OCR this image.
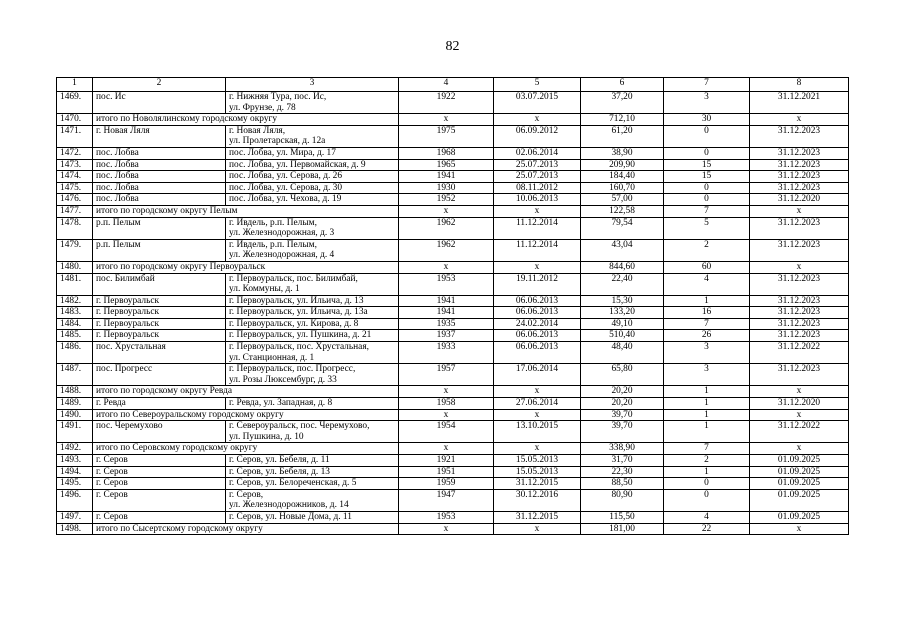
82
1	2	3	4	5	6	7	8
1469.	пос. Ис	г. Нижняя Тура, пос. Ис,
ул. Фрунзе, д. 78	1922	03.07.2015	37,20	3	31.12.2021
1470.	итого по Новолялинскому городскому округу		х	х	712,10	30	х
1471.	г. Новая Ляля	г. Новая Ляля,
ул. Пролетарская, д. 12а	1975	06.09.2012	61,20	0	31.12.2023
1472.	пос. Лобва	пос. Лобва, ул. Мира, д. 17	1968	02.06.2014	38,90	0	31.12.2023
1473.	пос. Лобва	пос. Лобва, ул. Первомайская, д. 9	1965	25.07.2013	209,90	15	31.12.2023
1474.	пос. Лобва	пос. Лобва, ул. Серова, д. 26	1941	25.07.2013	184,40	15	31.12.2023
1475.	пос. Лобва	пос. Лобва, ул. Серова, д. 30	1930	08.11.2012	160,70	0	31.12.2023
1476.	пос. Лобва	пос. Лобва, ул. Чехова, д. 19	1952	10.06.2013	57,00	0	31.12.2020
1477.	итого по городскому округу Пелым		х	х	122,58	7	х
1478.	р.п. Пелым	г. Ивдель, р.п. Пелым,
ул. Железнодорожная, д. 3	1962	11.12.2014	79,54	5	31.12.2023
1479.	р.п. Пелым	г. Ивдель, р.п. Пелым,
ул. Железнодорожная, д. 4	1962	11.12.2014	43,04	2	31.12.2023
1480.	итого по городскому округу Первоуральск		х	х	844,60	60	х
1481.	пос. Билимбай	г. Первоуральск, пос. Билимбай,
ул. Коммуны, д. 1	1953	19.11.2012	22,40	4	31.12.2023
1482.	г. Первоуральск	г. Первоуральск, ул. Ильича, д. 13	1941	06.06.2013	15,30	1	31.12.2023
1483.	г. Первоуральск	г. Первоуральск, ул. Ильича, д. 13а	1941	06.06.2013	133,20	16	31.12.2023
1484.	г. Первоуральск	г. Первоуральск, ул. Кирова, д. 8	1935	24.02.2014	49,10	7	31.12.2023
1485.	г. Первоуральск	г. Первоуральск, ул. Пушкина, д. 21	1937	06.06.2013	510,40	26	31.12.2023
1486.	пос. Хрустальная	г. Первоуральск, пос. Хрустальная,
ул. Станционная, д. 1	1933	06.06.2013	48,40	3	31.12.2022
1487.	пос. Прогресс	г. Первоуральск, пос. Прогресс,
ул. Розы Люксембург, д. 33	1957	17.06.2014	65,80	3	31.12.2023
1488.	итого по городскому округу Ревда		х	х	20,20	1	х
1489.	г. Ревда	г. Ревда, ул. Западная, д. 8	1958	27.06.2014	20,20	1	31.12.2020
1490.	итого по Североуральскому городскому округу		х	х	39,70	1	х
1491.	пос. Черемухово	г. Североуральск, пос. Черемухово,
ул. Пушкина, д. 10	1954	13.10.2015	39,70	1	31.12.2022
1492.	итого по Серовскому городскому округу		х	х	338,90	7	х
1493.	г. Серов	г. Серов, ул. Бебеля, д. 11	1921	15.05.2013	31,70	2	01.09.2025
1494.	г. Серов	г. Серов, ул. Бебеля, д. 13	1951	15.05.2013	22,30	1	01.09.2025
1495.	г. Серов	г. Серов, ул. Белореченская, д. 5	1959	31.12.2015	88,50	0	01.09.2025
1496.	г. Серов	г. Серов,
ул. Железнодорожников, д. 14	1947	30.12.2016	80,90	0	01.09.2025
1497.	г. Серов	г. Серов, ул. Новые Дома, д. 11	1953	31.12.2015	115,50	4	01.09.2025
1498.	итого по Сысертскому городскому округу		х	х	181,00	22	х
